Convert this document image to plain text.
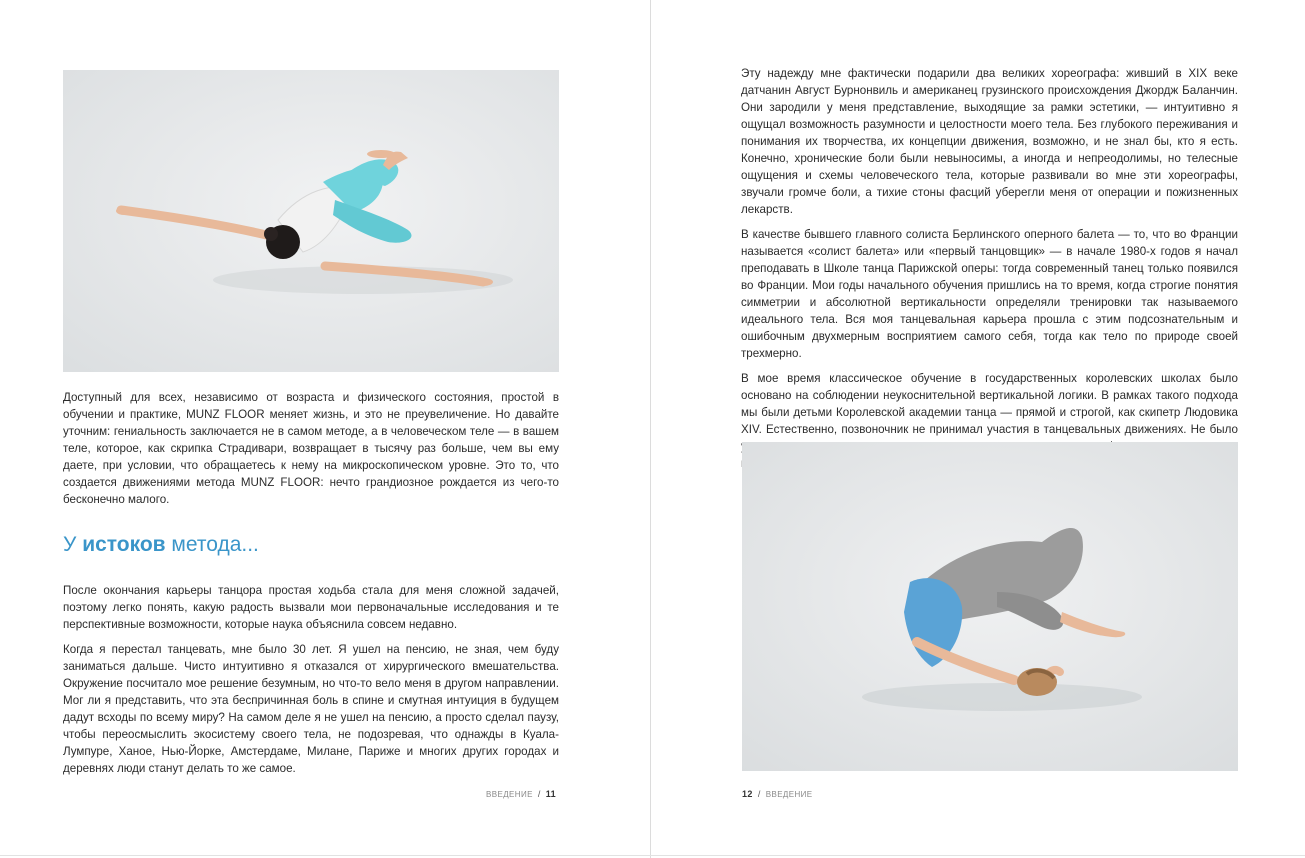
Доступный для всех, независимо от возраста и физического состояния, простой в обучении и практике, MUNZ FLOOR меняет жизнь, и это не преувеличение. Но давайте уточним: гениальность заключается не в самом методе, а в человеческом теле — в вашем теле, которое, как скрипка Страдивари, возвращает в тысячу раз больше, чем вы ему даете, при условии, что обращаетесь к нему на микроскопическом уровне. Это то, что создается движениями метода MUNZ FLOOR: нечто грандиозное рождается из чего-то бесконечно малого.

У истоков метода...

После окончания карьеры танцора простая ходьба стала для меня сложной задачей, поэтому легко понять, какую радость вызвали мои первоначальные исследования и те перспективные возможности, которые наука объяснила совсем недавно.

Когда я перестал танцевать, мне было 30 лет. Я ушел на пенсию, не зная, чем буду заниматься дальше. Чисто интуитивно я отказался от хирургического вмешательства. Окружение посчитало мое решение безумным, но что-то вело меня в другом направлении. Мог ли я представить, что эта беспричинная боль в спине и смутная интуиция в будущем дадут всходы по всему миру? На самом деле я не ушел на пенсию, а просто сделал паузу, чтобы переосмыслить экосистему своего тела, не подозревая, что однажды в Куала-Лумпуре, Ханое, Нью-Йорке, Амстердаме, Милане, Париже и многих других городах и деревнях люди станут делать то же самое.

ВВЕДЕНИЕ / 11

Эту надежду мне фактически подарили два великих хореографа: живший в XIX веке датчанин Август Бурнонвиль и американец грузинского происхождения Джордж Баланчин. Они зародили у меня представление, выходящие за рамки эстетики, — интуитивно я ощущал возможность разумности и целостности моего тела. Без глубокого переживания и понимания их творчества, их концепции движения, возможно, и не знал бы, кто я есть. Конечно, хронические боли были невыносимы, а иногда и непреодолимы, но телесные ощущения и схемы человеческого тела, которые развивали во мне эти хореографы, звучали громче боли, а тихие стоны фасций уберегли меня от операции и пожизненных лекарств.

В качестве бывшего главного солиста Берлинского оперного балета — то, что во Франции называется «солист балета» или «первый танцовщик» — в начале 1980-х годов я начал преподавать в Школе танца Парижской оперы: тогда современный танец только появился во Франции. Мои годы начального обучения пришлись на то время, когда строгие понятия симметрии и абсолютной вертикальности определяли тренировки так называемого идеального тела. Вся моя танцевальная карьера прошла с этим подсознательным и ошибочным двухмерным восприятием самого себя, тогда как тело по природе своей трехмерно.

В мое время классическое обучение в государственных королевских школах было основано на соблюдении неукоснительной вертикальной логики. В рамках такого подхода мы были детьми Королевской академии танца — прямой и строгой, как скипетр Людовика XIV. Естественно, позвоночник не принимал участия в танцевальных движениях. Не было

12 / ВВЕДЕНИЕ
